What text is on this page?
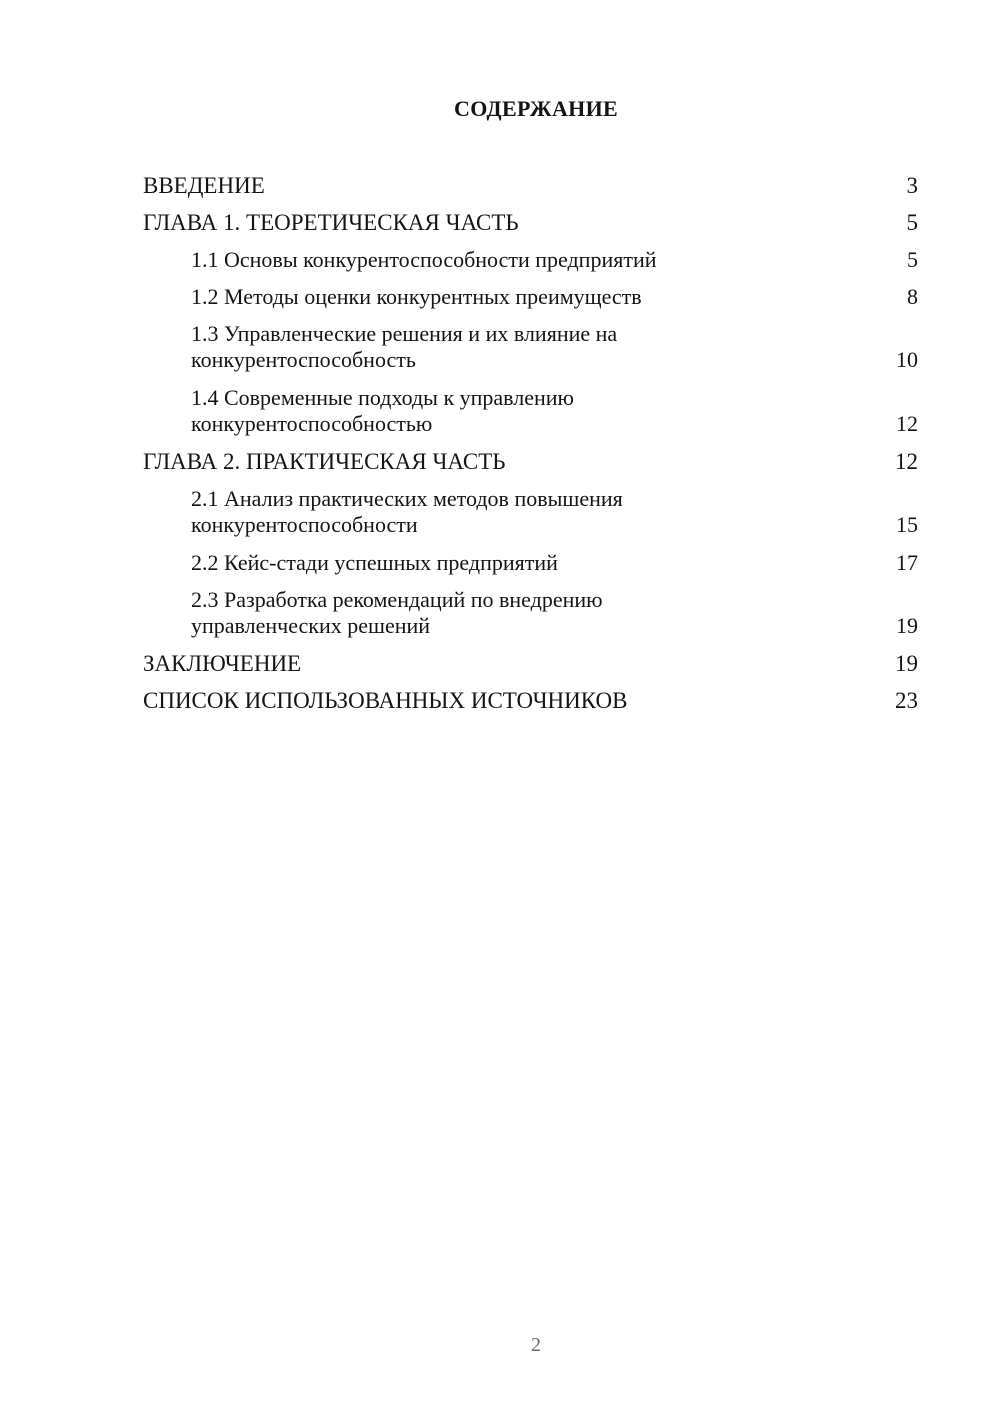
СОДЕРЖАНИЕ
ВВЕДЕНИЕ	3
ГЛАВА 1. ТЕОРЕТИЧЕСКАЯ ЧАСТЬ	5
1.1 Основы конкурентоспособности предприятий	5
1.2 Методы оценки конкурентных преимуществ	8
1.3 Управленческие решения и их влияние на конкурентоспособность	10
1.4 Современные подходы к управлению конкурентоспособностью	12
ГЛАВА 2. ПРАКТИЧЕСКАЯ ЧАСТЬ	12
2.1 Анализ практических методов повышения конкурентоспособности	15
2.2 Кейс-стади успешных предприятий	17
2.3 Разработка рекомендаций по внедрению управленческих решений	19
ЗАКЛЮЧЕНИЕ	19
СПИСОК ИСПОЛЬЗОВАННЫХ ИСТОЧНИКОВ	23
2
